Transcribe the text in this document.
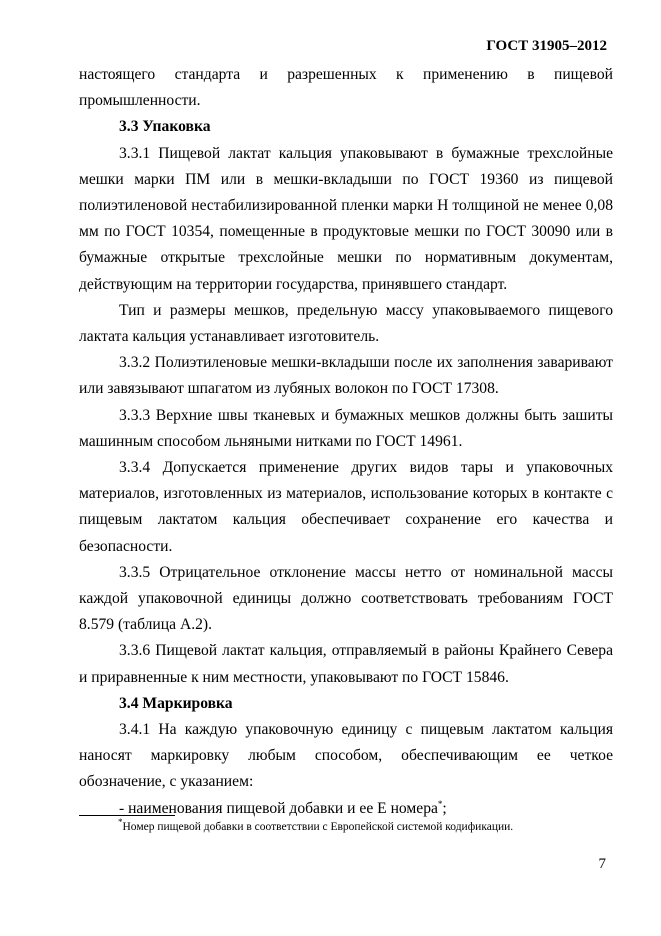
ГОСТ 31905–2012

настоящего стандарта и разрешенных к применению в пищевой промышленности.

3.3 Упаковка

3.3.1 Пищевой лактат кальция упаковывают в бумажные трехслойные мешки марки ПМ или в мешки-вкладыши по ГОСТ 19360 из пищевой полиэтиленовой нестабилизированной пленки марки Н толщиной не менее 0,08 мм по ГОСТ 10354, помещенные в продуктовые мешки по ГОСТ 30090 или в бумажные открытые трехслойные мешки по нормативным документам, действующим на территории государства, принявшего стандарт.

Тип и размеры мешков, предельную массу упаковываемого пищевого лактата кальция устанавливает изготовитель.

3.3.2 Полиэтиленовые мешки-вкладыши после их заполнения заваривают или завязывают шпагатом из лубяных волокон по ГОСТ 17308.

3.3.3 Верхние швы тканевых и бумажных мешков должны быть зашиты машинным способом льняными нитками по ГОСТ 14961.

3.3.4 Допускается применение других видов тары и упаковочных материалов, изготовленных из материалов, использование которых в контакте с пищевым лактатом кальция обеспечивает сохранение его качества и безопасности.

3.3.5 Отрицательное отклонение массы нетто от номинальной массы каждой упаковочной единицы должно соответствовать требованиям ГОСТ 8.579 (таблица А.2).

3.3.6 Пищевой лактат кальция, отправляемый в районы Крайнего Севера и приравненные к ним местности, упаковывают по ГОСТ 15846.

3.4 Маркировка

3.4.1 На каждую упаковочную единицу с пищевым лактатом кальция наносят маркировку любым способом, обеспечивающим ее четкое обозначение, с указанием:

- наименования пищевой добавки и ее Е номера*;

*Номер пищевой добавки в соответствии с Европейской системой кодификации.
7
